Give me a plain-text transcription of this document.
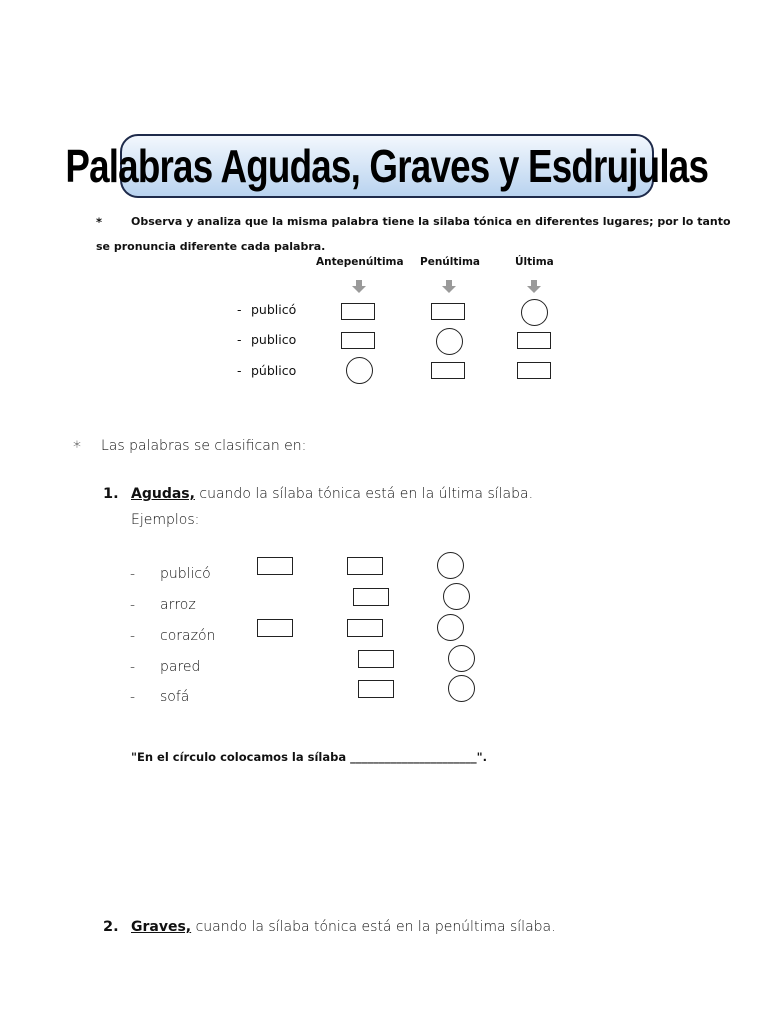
Palabras Agudas, Graves y Esdrujulas
*	Observa y analiza que la misma palabra tiene la silaba tónica en diferentes lugares; por lo tanto
se pronuncia diferente cada palabra.
Antepenúltima Penúltima	Última
- publicó
- publico
- público
* Las palabras se clasifican en:
1. Agudas, cuando la sílaba tónica está en la última sílaba.
Ejemplos:
- publicó
- arroz
- corazón
- pared
- sofá
"En el círculo colocamos la sílaba ______________________".
2. Graves, cuando la sílaba tónica está en la penúltima sílaba.
